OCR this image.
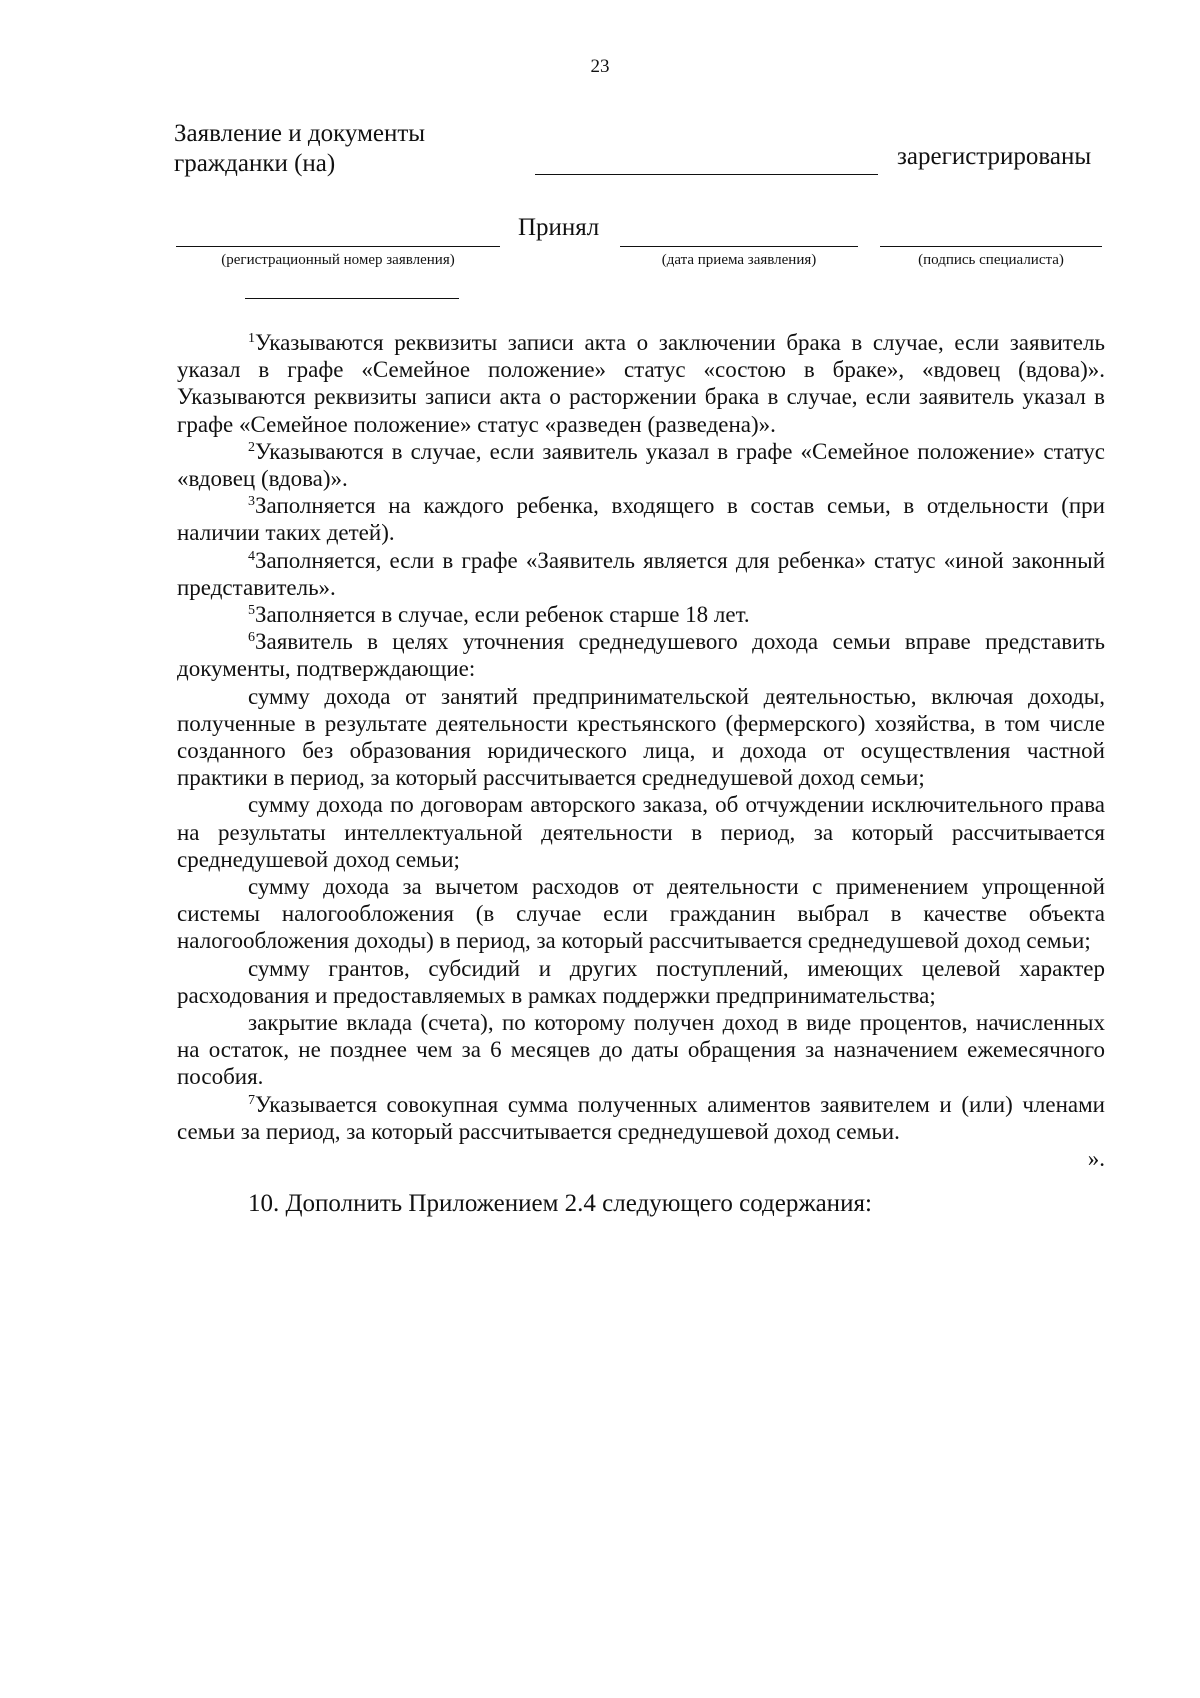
23
Заявление и документы
гражданки (на)	зарегистрированы
Принял
(регистрационный номер заявления)	(дата приема заявления)	(подпись специалиста)

$^1$Указываются реквизиты записи акта о заключении брака в случае, если заявитель указал в графе «Семейное положение» статус «состою в браке», «вдовец (вдова)». Указываются реквизиты записи акта о расторжении брака в случае, если заявитель указал в графе «Семейное положение» статус «разведен (разведена)».

$^2$Указываются в случае, если заявитель указал в графе «Семейное положение» статус «вдовец (вдова)».

$^3$Заполняется на каждого ребенка, входящего в состав семьи, в отдельности (при наличии таких детей).

$^4$Заполняется, если в графе «Заявитель является для ребенка» статус «иной законный представитель».

$^5$Заполняется в случае, если ребенок старше 18 лет.

$^6$Заявитель в целях уточнения среднедушевого дохода семьи вправе представить документы, подтверждающие:

сумму дохода от занятий предпринимательской деятельностью, включая доходы, полученные в результате деятельности крестьянского (фермерского) хозяйства, в том числе созданного без образования юридического лица, и дохода от осуществления частной практики в период, за который рассчитывается среднедушевой доход семьи;

сумму дохода по договорам авторского заказа, об отчуждении исключительного права на результаты интеллектуальной деятельности в период, за который рассчитывается среднедушевой доход семьи;

сумму дохода за вычетом расходов от деятельности с применением упрощенной системы налогообложения (в случае если гражданин выбрал в качестве объекта налогообложения доходы) в период, за который рассчитывается среднедушевой доход семьи;

сумму грантов, субсидий и других поступлений, имеющих целевой характер расходования и предоставляемых в рамках поддержки предпринимательства;

закрытие вклада (счета), по которому получен доход в виде процентов, начисленных на остаток, не позднее чем за 6 месяцев до даты обращения за назначением ежемесячного пособия.

$^7$Указывается совокупная сумма полученных алиментов заявителем и (или) членами семьи за период, за который рассчитывается среднедушевой доход семьи.

».

10. Дополнить Приложением 2.4 следующего содержания:
